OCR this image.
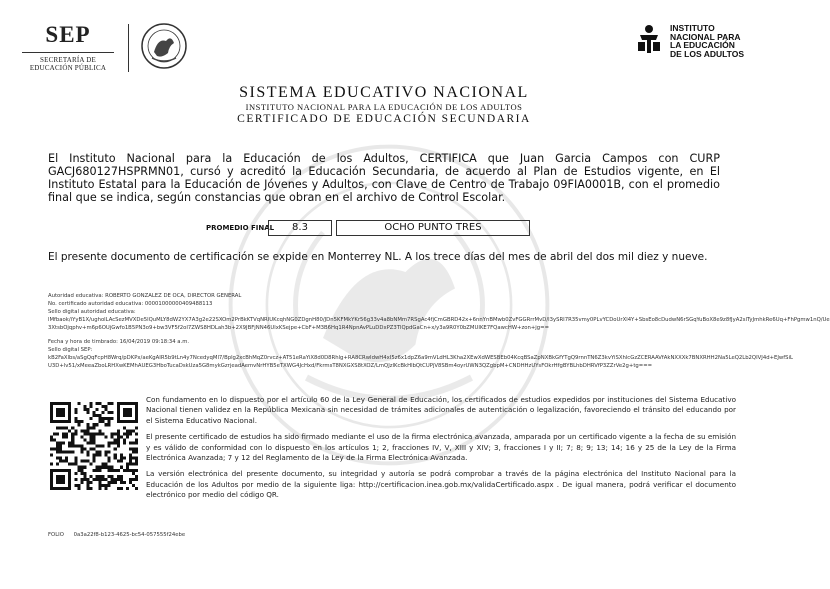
SEP
SECRETARÍA DE
EDUCACIÓN PÚBLICA
INSTITUTO
NACIONAL PARA
LA EDUCACIÓN
DE LOS ADULTOS
SISTEMA EDUCATIVO NACIONAL
INSTITUTO NACIONAL PARA LA EDUCACIÓN DE LOS ADULTOS
CERTIFICADO DE EDUCACIÓN SECUNDARIA
El Instituto Nacional para la Educación de los Adultos, CERTIFICA que Juan Garcia Campos con CURP GACJ680127HSPRMN01, cursó y acreditó la Educación Secundaria, de acuerdo al Plan de Estudios vigente, en El Instituto Estatal para la Educación de Jóvenes y Adultos, con Clave de Centro de Trabajo 09FIA0001B, con el promedio final que se indica, según constancias que obran en el archivo de Control Escolar.
PROMEDIO FINAL	8.3	OCHO PUNTO TRES
El presente documento de certificación se expide en Monterrey NL. A los trece días del mes de abril del dos mil diez y nueve.
Autoridad educativa: ROBERTO GONZALEZ DE OCA, DIRECTOR GENERAL
No. certificado autoridad educativa: 00001000000409488113
Sello digital autoridad educativa:
lMfbaok/iYyB1X/ugholLAcSezMVXDe5lQuMLY8dW2YX7A3g2e22SXOm2PrBkKTVqNRIUKcqhNG0ZDgnH80/JDn5KFMkYKr56g33v4a8bNMm7RSgAc4fjCmGBRD42x+6nnYnBMwb0ZvFGGRrrMvD/l3ySRI7R35vmy0PLvYCDoUrXl4Y+SbsEo8cDudwN6rSGqYuBoX8e9z8fJyA2slTyJmhkRe6Uq+FhPgmw1nQ/Ue
3XtsbOjqphv+m6p6OUjGwfo1B5PN3o9+bw3VF5f2oI7ZWS8HDLah3b+2X9JBFjNN46UlxKSejpe+CbF+M3B6Hq1R4NpnAvPLuDDxPZ3TlQpdGaCn+x/y3a9R0Y0bZMUIKE7FQawcHW+zon+jg==
Fecha y hora de timbrado: 16/04/2019 09:18:34 a.m.
Sello digital SEP:
kB2FaXlbs/aSgQqFcpH8Wrq/pDKPx/aeKgAIR5b9tLn4y7NcedyqMl7/Bplg2xcBhMqZ0rvcz+AT51eRaYiX8d0D8Rhlg+RA8CRwIdwH4xI5z6x1dpZ6a9mVLdHL3Kha2XEwXdWESBEb04KcqBSaZpNXBkGfYTgQ9rnnTN6Z3kvYiSXhlcGzZCERAAVfAkNXXXk7BNXRHH2Na5LeQ2Lb2QIVJ4d+EJwfSiL
U3D+lv51/xMeeaZboLRHXwKEMhAUEG3HboTucaDskUza5G8mykGzrjeadAemvNrHYB5eTXWG4JcHxd/FkrmsT8NXGXS8tXOZ/LmQJzlKcBkHlbQtCUPjV8SBm4oyrUWN3QZgbpM+CNDHHzUYsFOkrHfgBYBLhbDHRVfP3ZZrVe2g+tg===

Con fundamento en lo dispuesto por el artículo 60 de la Ley General de Educación, los certificados de estudios expedidos por instituciones del Sistema Educativo Nacional tienen validez en la República Mexicana sin necesidad de trámites adicionales de autenticación o legalización, favoreciendo el tránsito del educando por el Sistema Educativo Nacional.

El presente certificado de estudios ha sido firmado mediante el uso de la firma electrónica avanzada, amparada por un certificado vigente a la fecha de su emisión y es válido de conformidad con lo dispuesto en los artículos 1; 2, fracciones IV, V, XIII y XIV; 3, fracciones I y II; 7; 8; 9; 13; 14; 16 y 25 de la Ley de la Firma Electrónica Avanzada; 7 y 12 del Reglamento de la Ley de la Firma Electrónica Avanzada.

La versión electrónica del presente documento, su integridad y autoría se podrá comprobar a través de la página electrónica del Instituto Nacional para la Educación de los Adultos por medio de la siguiente liga: http://certificacion.inea.gob.mx/validaCertificado.aspx . De igual manera, podrá verificar el documento electrónico por medio del código QR.

FOLIO 0a3a22f8-b123-4625-bc54-057555f24ebe
